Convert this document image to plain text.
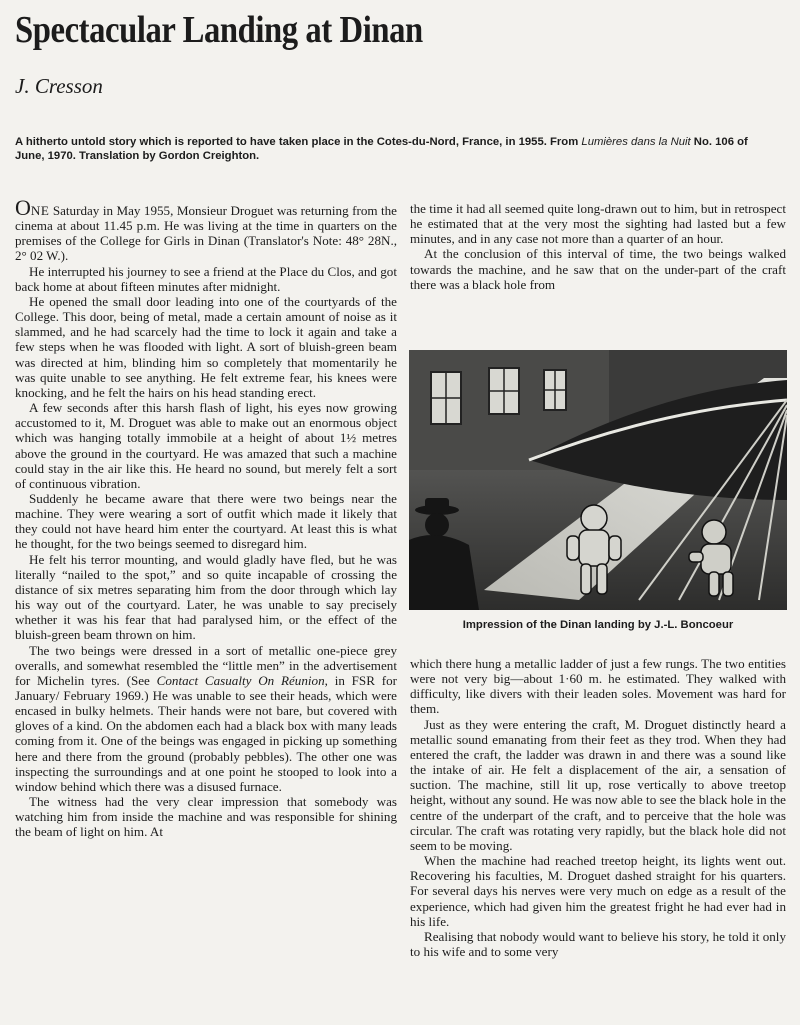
Spectacular Landing at Dinan
J. Cresson
A hitherto untold story which is reported to have taken place in the Cotes-du-Nord, France, in 1955. From Lumières dans la Nuit No. 106 of June, 1970. Translation by Gordon Creighton.

ONE Saturday in May 1955, Monsieur Droguet was returning from the cinema at about 11.45 p.m. He was living at the time in quarters on the premises of the College for Girls in Dinan (Translator's Note: 48° 28N., 2° 02 W.).

He interrupted his journey to see a friend at the Place du Clos, and got back home at about fifteen minutes after midnight.

He opened the small door leading into one of the courtyards of the College. This door, being of metal, made a certain amount of noise as it slammed, and he had scarcely had the time to lock it again and take a few steps when he was flooded with light. A sort of bluish-green beam was directed at him, blinding him so completely that momentarily he was quite unable to see anything. He felt extreme fear, his knees were knocking, and he felt the hairs on his head standing erect.

A few seconds after this harsh flash of light, his eyes now growing accustomed to it, M. Droguet was able to make out an enormous object which was hanging totally immobile at a height of about 1½ metres above the ground in the courtyard. He was amazed that such a machine could stay in the air like this. He heard no sound, but merely felt a sort of continuous vibration.

Suddenly he became aware that there were two beings near the machine. They were wearing a sort of outfit which made it likely that they could not have heard him enter the courtyard. At least this is what he thought, for the two beings seemed to disregard him.

He felt his terror mounting, and would gladly have fled, but he was literally “nailed to the spot,” and so quite incapable of crossing the distance of six metres separating him from the door through which lay his way out of the courtyard. Later, he was unable to say precisely whether it was his fear that had paralysed him, or the effect of the bluish-green beam thrown on him.

The two beings were dressed in a sort of metallic one-piece grey overalls, and somewhat resembled the “little men” in the advertisement for Michelin tyres. (See Contact Casualty On Réunion, in FSR for January/ February 1969.) He was unable to see their heads, which were encased in bulky helmets. Their hands were not bare, but covered with gloves of a kind. On the abdomen each had a black box with many leads coming from it. One of the beings was engaged in picking up something here and there from the ground (probably pebbles). The other one was inspecting the surroundings and at one point he stooped to look into a window behind which there was a disused furnace.

The witness had the very clear impression that somebody was watching him from inside the machine and was responsible for shining the beam of light on him. At

the time it had all seemed quite long-drawn out to him, but in retrospect he estimated that at the very most the sighting had lasted but a few minutes, and in any case not more than a quarter of an hour.

At the conclusion of this interval of time, the two beings walked towards the machine, and he saw that on the under-part of the craft there was a black hole from

Impression of the Dinan landing by J.-L. Boncoeur

which there hung a metallic ladder of just a few rungs. The two entities were not very big—about 1·60 m. he estimated. They walked with difficulty, like divers with their leaden soles. Movement was hard for them.

Just as they were entering the craft, M. Droguet distinctly heard a metallic sound emanating from their feet as they trod. When they had entered the craft, the ladder was drawn in and there was a sound like the intake of air. He felt a displacement of the air, a sensation of suction. The machine, still lit up, rose vertically to above treetop height, without any sound. He was now able to see the black hole in the centre of the underpart of the craft, and to perceive that the hole was circular. The craft was rotating very rapidly, but the black hole did not seem to be moving.

When the machine had reached treetop height, its lights went out. Recovering his faculties, M. Droguet dashed straight for his quarters. For several days his nerves were very much on edge as a result of the experience, which had given him the greatest fright he had ever had in his life.

Realising that nobody would want to believe his story, he told it only to his wife and to some very
